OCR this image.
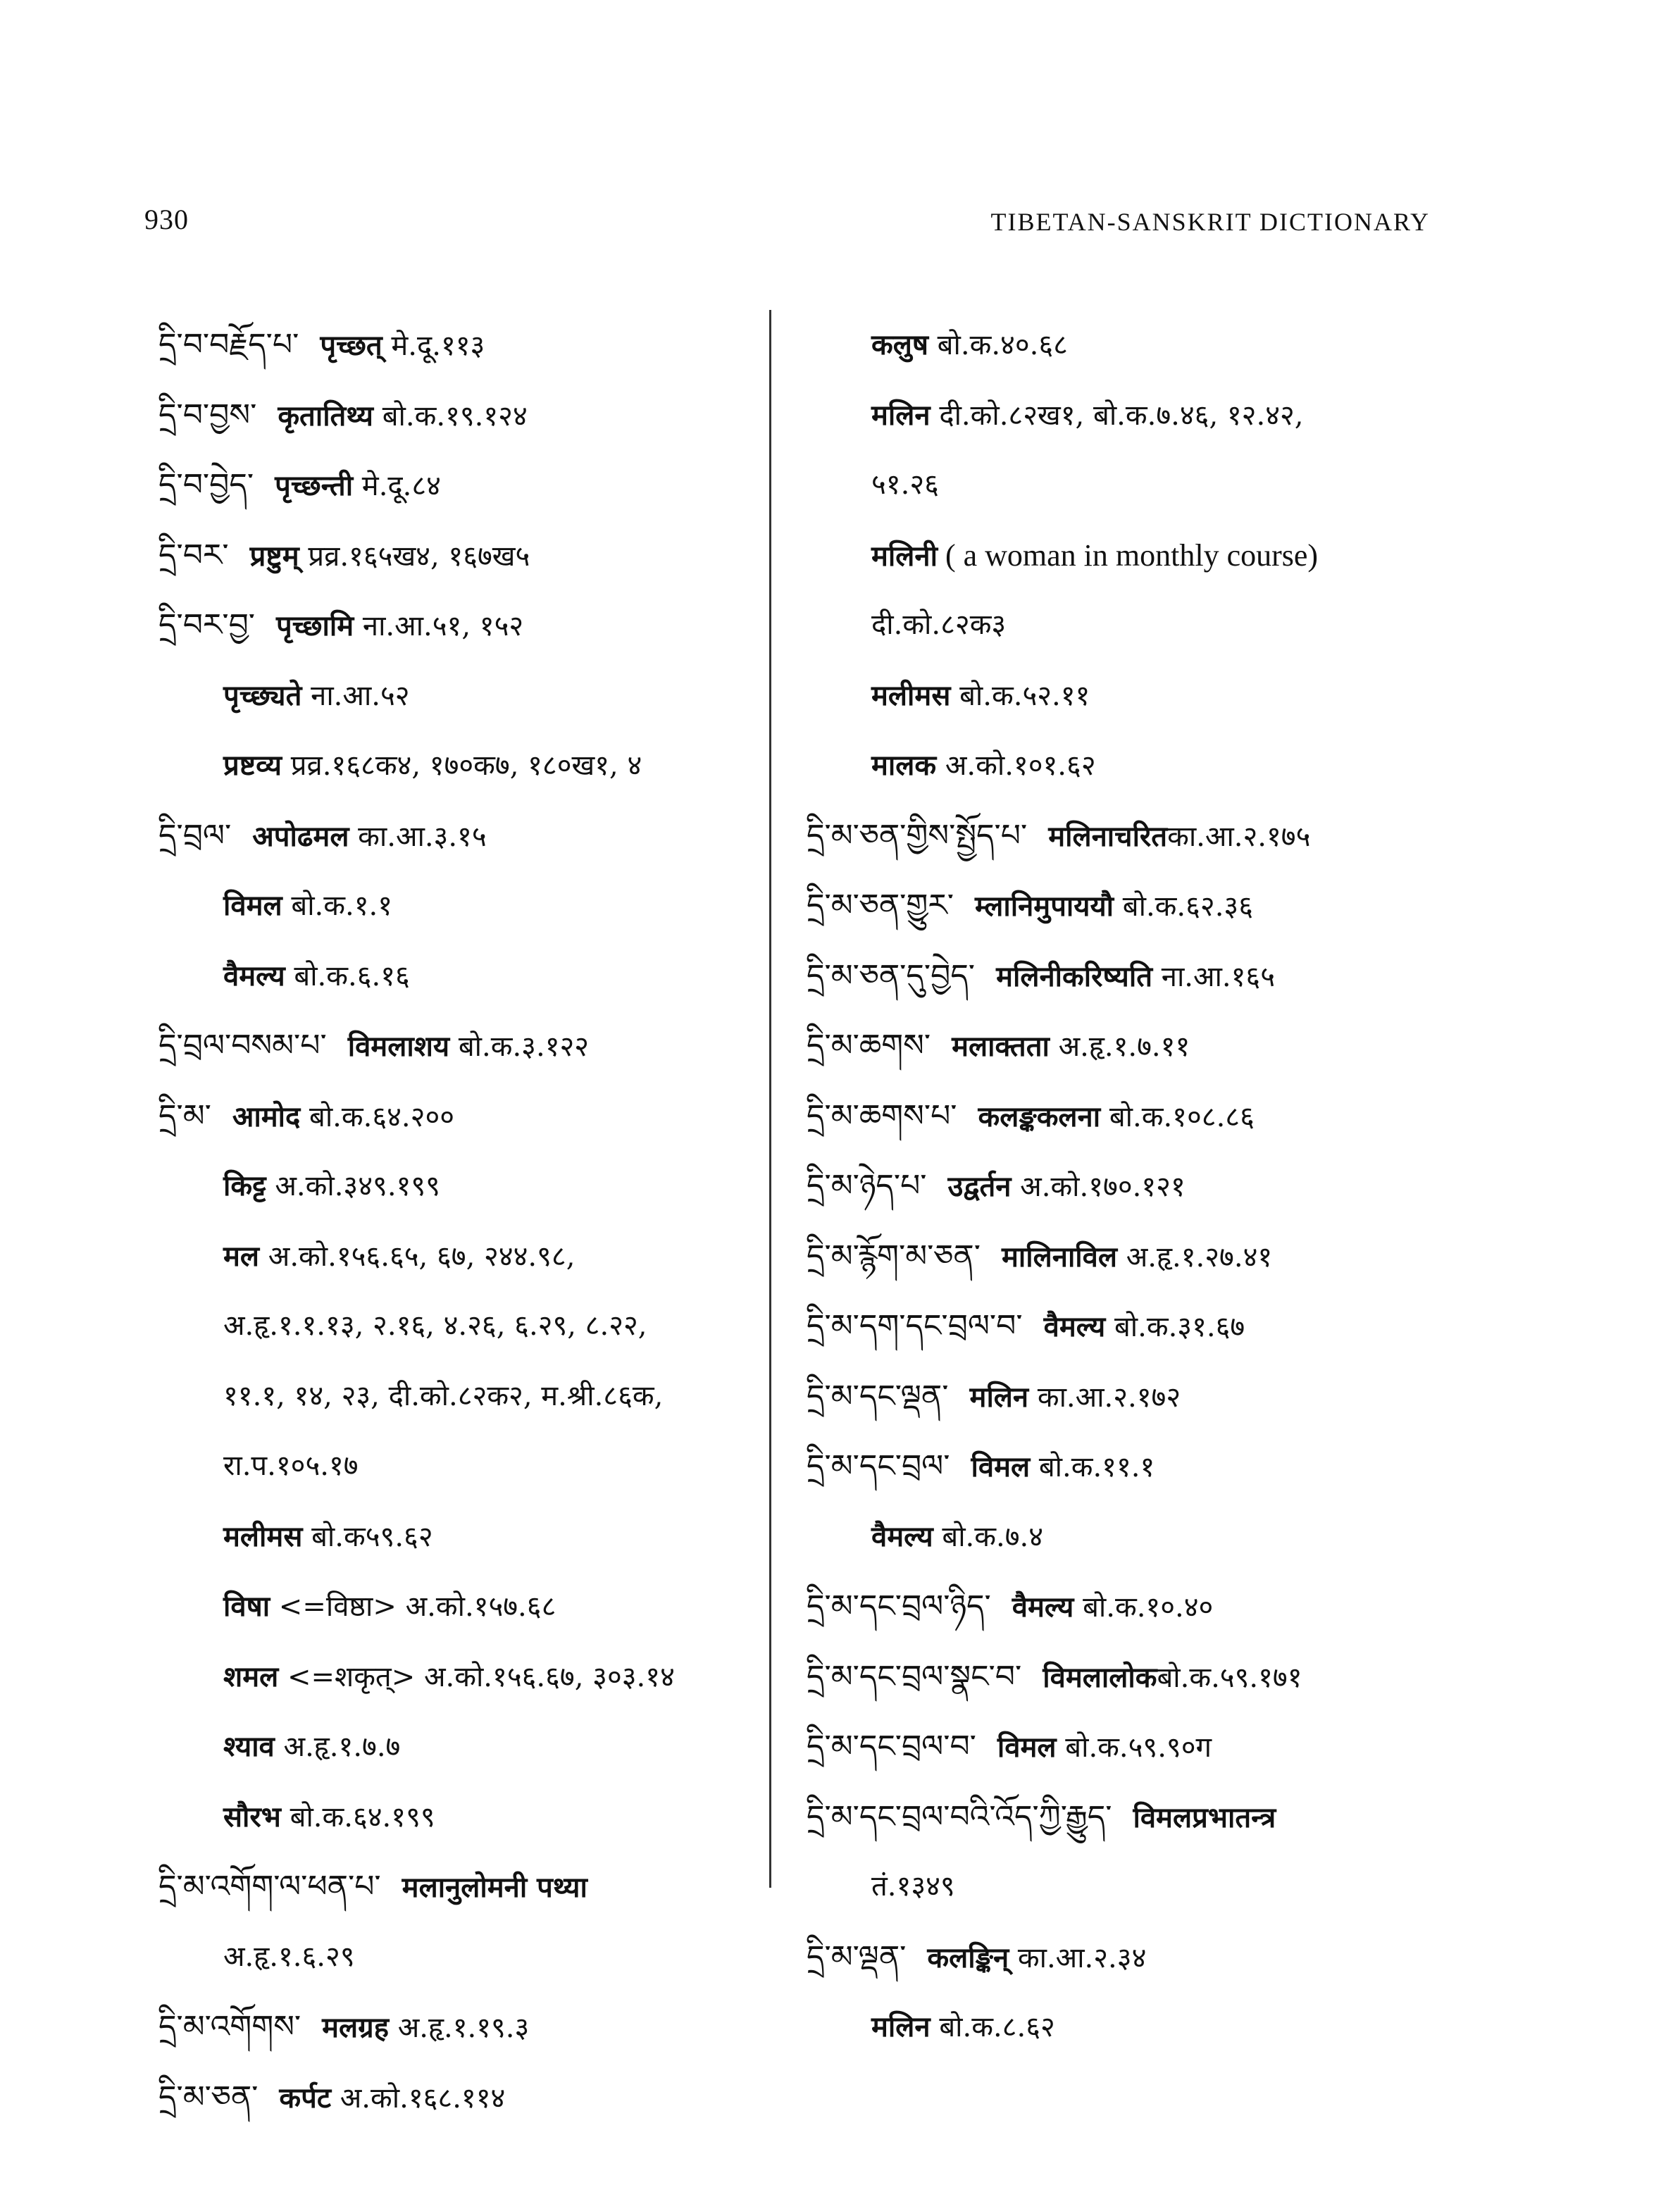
930	TIBETAN-SANSKRIT DICTIONARY
དྲི་བ་བརྗོད་པ་ पृच्छत् मे.दू.११३
དྲི་བ་བྱས་ कृतातिथ्य बो.क.१९.१२४
དྲི་བ་བྱེད་ पृच्छन्ती मे.दू.८४
དྲི་བར་ प्रष्टुम् प्रव्र.१६५ख४, १६७ख५
དྲི་བར་བྱ་ पृच्छामि ना.आ.५१, १५२
पृच्छ्यते ना.आ.५२
प्रष्टव्य प्रव्र.१६८क४, १७०क७, १८०ख१, ४
དྲི་བྲལ་ अपोढमल का.आ.३.१५
विमल बो.क.१.१
वैमल्य बो.क.६.१६
དྲི་བྲལ་བསམ་པ་ विमलाशय बो.क.३.१२२
དྲི་མ་ आमोद बो.क.६४.२००
किट्ट अ.को.३४९.१९९
मल अ.को.१५६.६५, ६७, २४४.९८,
अ.हृ.१.१.१३, २.१६, ४.२६, ६.२९, ८.२२,
११.१, १४, २३, दी.को.८२क२, म.श्री.८६क,
रा.प.१०५.१७
मलीमस बो.क५९.६२
विषा <=विष्ठा> अ.को.१५७.६८
शमल <=शकृत्> अ.को.१५६.६७, ३०३.१४
श्याव अ.हृ.१.७.७
सौरभ बो.क.६४.१९९
དྲི་མ་འགོག་ལ་ཕན་པ་ मलानुलोमनी पथ्या
अ.हृ.१.६.२९
དྲི་མ་འགོགས་ मलग्रह अ.हृ.१.१९.३
དྲི་མ་ཅན་ कर्पट अ.को.१६८.११४
कलुष बो.क.४०.६८
मलिन दी.को.८२ख१, बो.क.७.४६, १२.४२,
५१.२६
मलिनी ( a woman in monthly course)
दी.को.८२क३
मलीमस बो.क.५२.११
मालक अ.को.१०१.६२
དྲི་མ་ཅན་གྱིས་སྤྱོད་པ་ मलिनाचरितका.आ.२.१७५
དྲི་མ་ཅན་གྱུར་ म्लानिमुपाययौ बो.क.६२.३६
དྲི་མ་ཅན་དུ་བྱེད་ मलिनीकरिष्यति ना.आ.१६५
དྲི་མ་ཆགས་ मलाक्तता अ.हृ.१.७.११
དྲི་མ་ཆགས་པ་ कलङ्ककलना बो.क.१०८.८६
དྲི་མ་ཉེད་པ་ उद्वर्तन अ.को.१७०.१२१
དྲི་མ་རྙོག་མ་ཅན་ मालिनाविल अ.हृ.१.२७.४१
དྲི་མ་དག་དང་བྲལ་བ་ वैमल्य बो.क.३१.६७
དྲི་མ་དང་ལྡན་ मलिन का.आ.२.१७२
དྲི་མ་དང་བྲལ་ विमल बो.क.११.१
वैमल्य बो.क.७.४
དྲི་མ་དང་བྲལ་ཉིད་ वैमल्य बो.क.१०.४०
དྲི་མ་དང་བྲལ་སྣང་བ་ विमलालोकबो.क.५९.१७१
དྲི་མ་དང་བྲལ་བ་ विमल बो.क.५९.९०ग
དྲི་མ་དང་བྲལ་བའི་འོད་ཀྱི་རྒྱུད་ विमलप्रभातन्त्र
तं.१३४९
དྲི་མ་ལྡན་ कलङ्किन् का.आ.२.३४
मलिन बो.क.८.६२
